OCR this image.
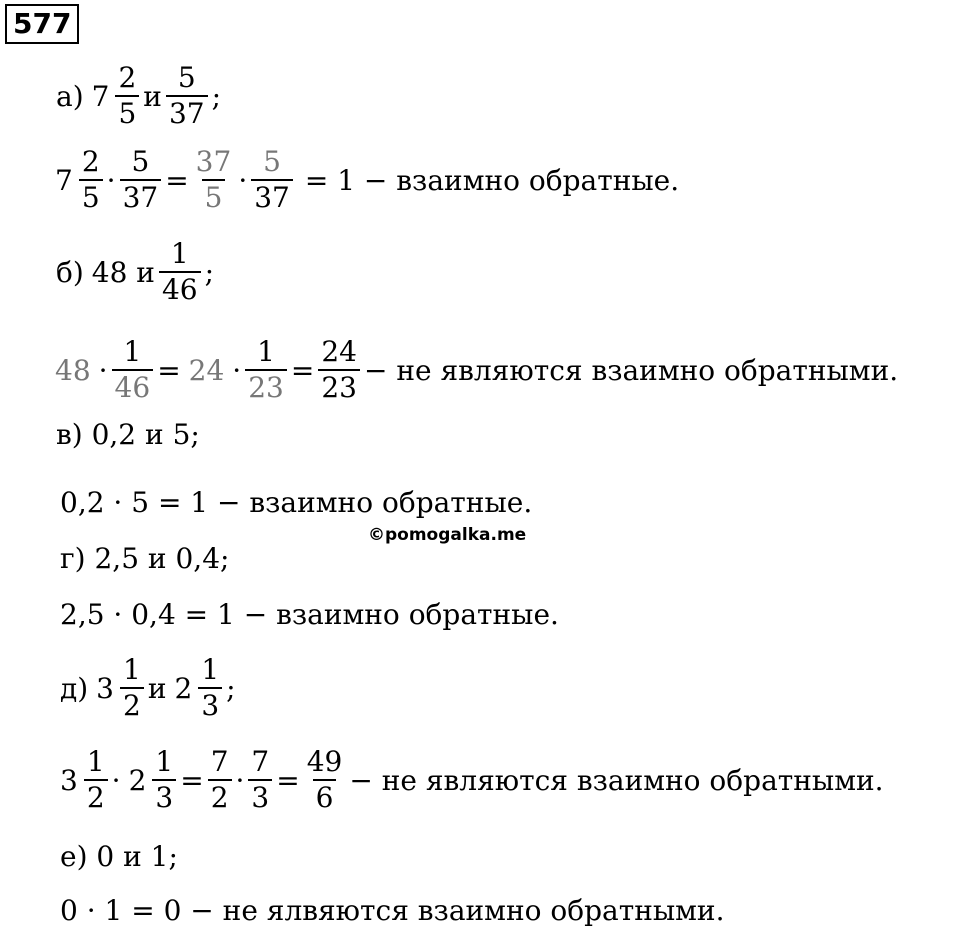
577
а) $7 \frac{2}{5}$ и $\frac{5}{37}$ ;
$7 \frac{2}{5} \cdot \frac{5}{37} = \frac{37}{5} \cdot \frac{5}{37} = 1$ − взаимно обратные.
б) 48 и $\frac{1}{46}$ ;
$48 \cdot \frac{1}{46} = 24 \cdot \frac{1}{23} = \frac{24}{23}$ − не являются взаимно обратными.
в) 0,2 и 5;
0,2 · 5 = 1 − взаимно обратные.
©pomogalka.me
г) 2,5 и 0,4;
2,5 · 0,4 = 1 − взаимно обратные.
д) $3 \frac{1}{2}$ и $2 \frac{1}{3}$ ;
$3 \frac{1}{2} \cdot 2 \frac{1}{3} = \frac{7}{2} \cdot \frac{7}{3} = \frac{49}{6}$ − не являются взаимно обратными.
е) 0 и 1;
0 · 1 = 0 − не ялвяются взаимно обратными.
